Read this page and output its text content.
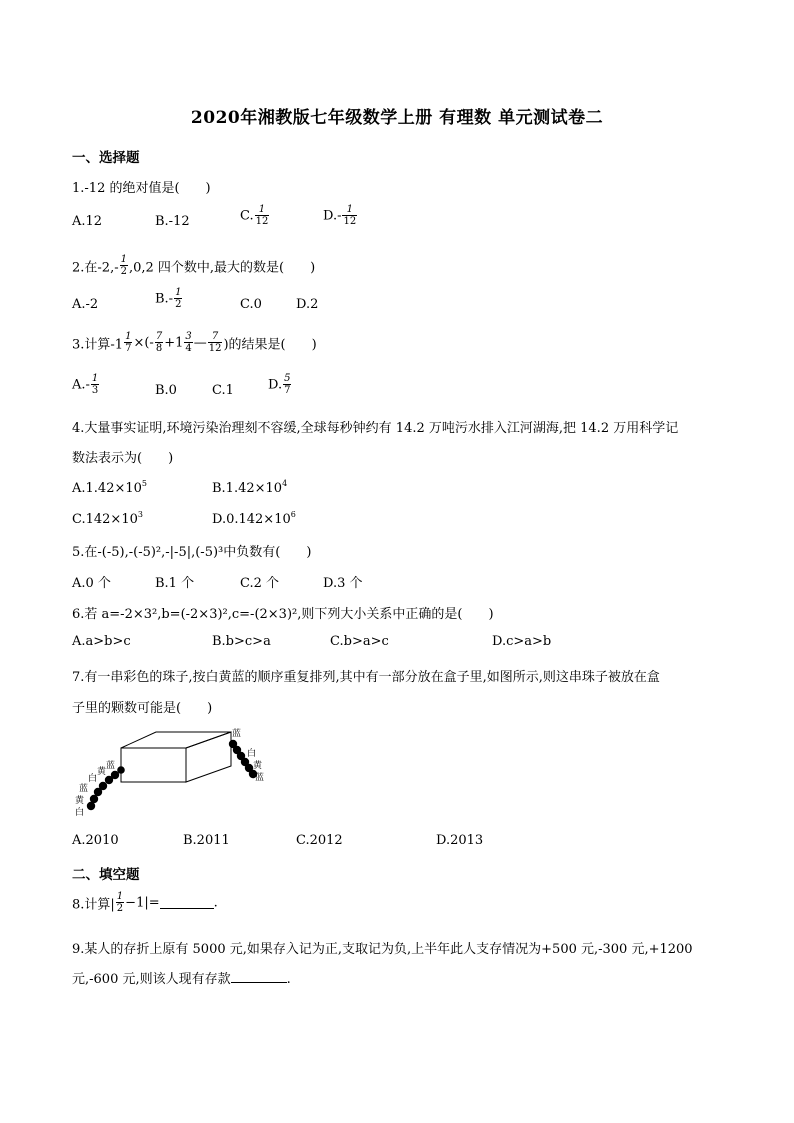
2020年湘教版七年级数学上册 有理数 单元测试卷二
一、选择题
1.-12 的绝对值是(　　)
A.12	B.-12	C. $\frac{1}{12}$	$D.- \frac{1}{12}$
2.在$-2,- \frac{1}{2} ,0,2$ 四个数中,最大的数是(　　)
A.-2	$B.- \frac{1}{2}$	C.0	D.2
3.计算$-1 \frac{1}{7}$ ×(- $\frac{7}{8} +1 \frac{3}{4}$ — $\frac{7}{12}$ )的结果是(　　)
$A.- \frac{1}{3}$	B.0	C.1	D. $\frac{5}{7}$
4.大量事实证明,环境污染治理刻不容缓,全球每秒钟约有 14.2 万吨污水排入江河湖海,把 14.2 万用科学记
数法表示为(　　)
$A.1.42\times 10^5$	$B.1.42\times 10^4$
$C.142\times 10^3$	$D.0.142\times 10^6$
5.在-(-5),-(-5)²,-|-5|,(-5)³中负数有(　　)
A.0 个	B.1 个	C.2 个	D.3 个
6.若 a=-2×3²,b=(-2×3)²,c=-(2×3)²,则下列大小关系中正确的是(　　)
A.a>b>c	B.b>c>a	C.b>a>c	D.c>a>b
7.有一串彩色的珠子,按白黄蓝的顺序重复排列,其中有一部分放在盒子里,如图所示,则这串珠子被放在盒
子里的颗数可能是(　　)
白
黄
蓝
白
黄
蓝
蓝
白
黄
蓝
A.2010	B.2011	C.2012	D.2013
二、填空题
8.计算| $\frac{1}{2} -1|=$	.
9.某人的存折上原有 5000 元,如果存入记为正,支取记为负,上半年此人支存情况为+500 元,-300 元,+1200
元,-600 元,则该人现有存款	.
